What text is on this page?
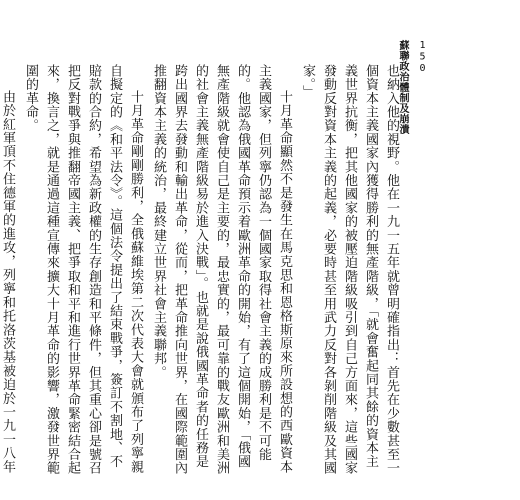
蘇聯政治體制及崩潰 150

也納入他的視野。他在一九一五年就曾明確指出：首先在少數甚至一個資本主義國家內獲得勝利的無產階級，「就會奮起同其餘的資本主義世界抗衡，把其他國家的被壓迫階級吸引到自己方面來，這些國家發動反對資本主義的起義，必要時甚至用武力反對各剝削階級及其國家。」

十月革命顯然不是發生在馬克思和恩格斯原來所設想的西歐資本主義國家，但列寧仍認為一個國家取得社會主義的成勝利是不可能的。他認為俄國革命預示着歐洲革命的開始，有了這個開始，「俄國無產階級就會使自己是主要的，最忠實的，最可靠的戰友歐洲和美洲的社會主義無產階級易於進入決戰」。也就是說俄國革命者的任務是跨出國界去發動和輸出革命，從而，把革命推向世界，在國際範圍內推翻資本主義的統治，最終建立世界社會主義聯邦。

十月革命剛剛勝利，全俄蘇維埃第二次代表大會就頒布了列寧親自擬定的《和平法令》。這個法令提出了結束戰爭，簽訂不割地、不賠款的合約，希望為新政權的生存創造和平條件，但其重心卻是號召把反對戰爭與推翻帝國主義、把爭取和平和進行世界革命緊密結合起來，換言之，就是通過這種宣傳來擴大十月革命的影響，激發世界範圍的革命。

由於紅軍頂不住德軍的進攻，列寧和托洛茨基被迫於一九一八年
